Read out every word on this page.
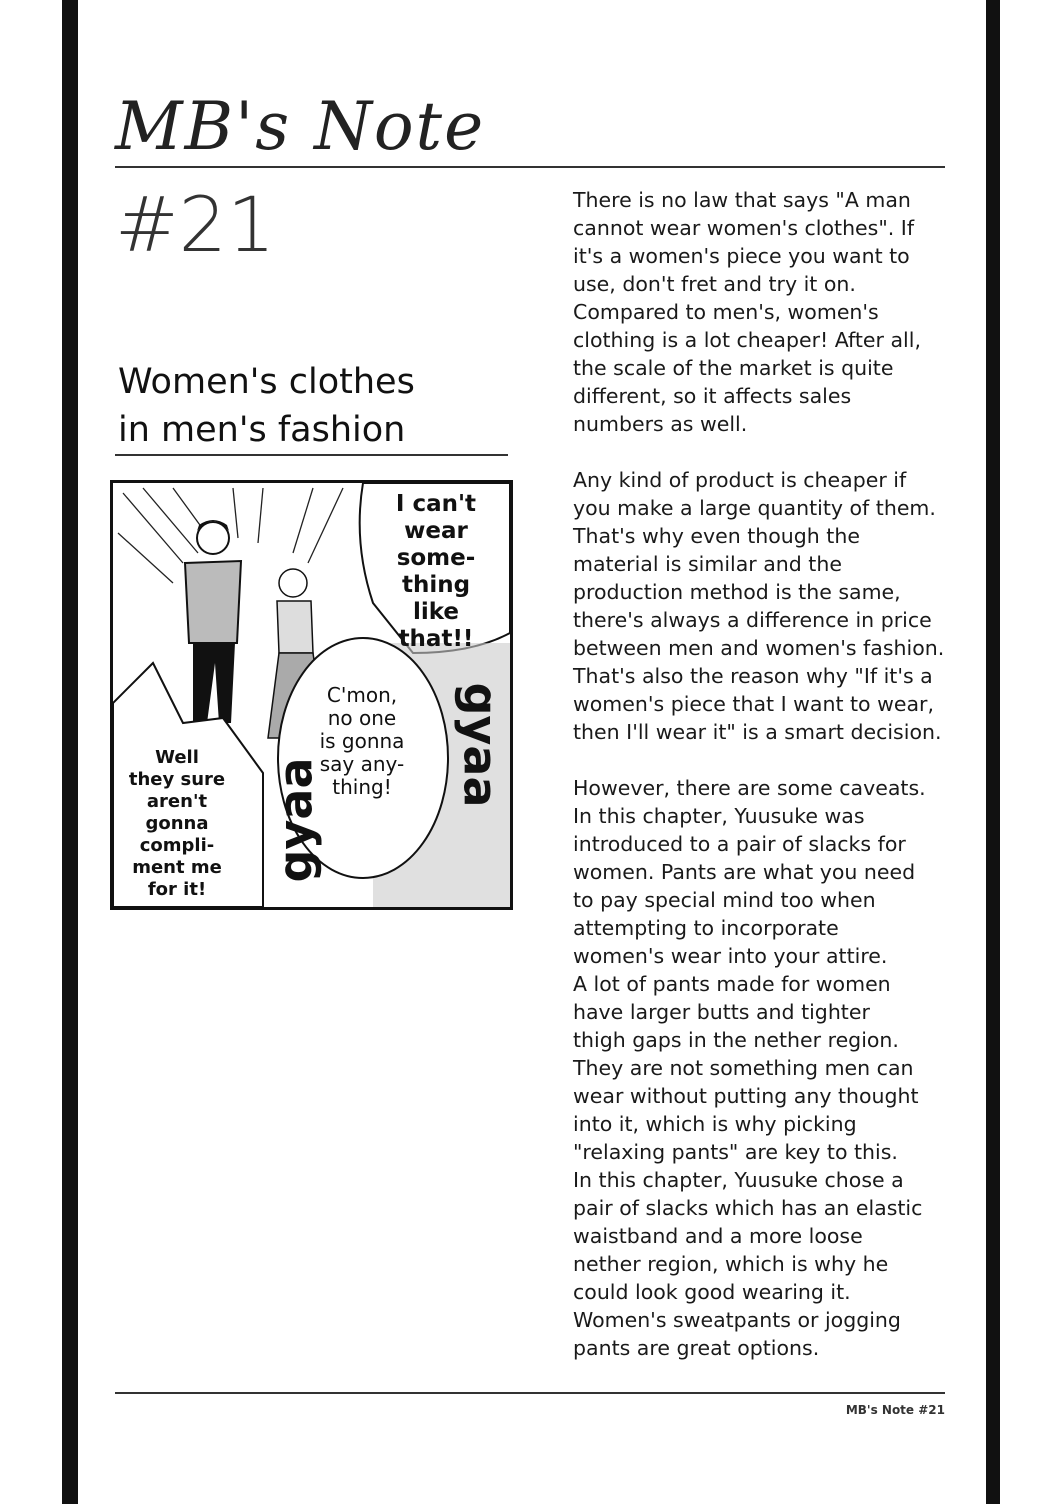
MB's Note
#21
Women's clothes
in men's fashion
I can't
wear
some-
thing
like
that!!
C'mon,
no one
is gonna
say any-
thing!
Well
they sure
aren't
gonna
compli-
ment me
for it!
gyaa
gyaa

There is no law that says "A man
cannot wear women's clothes". If
it's a women's piece you want to
use, don't fret and try it on.
Compared to men's, women's
clothing is a lot cheaper! After all,
the scale of the market is quite
different, so it affects sales
numbers as well.

Any kind of product is cheaper if
you make a large quantity of them.
That's why even though the
material is similar and the
production method is the same,
there's always a difference in price
between men and women's fashion.
That's also the reason why "If it's a
women's piece that I want to wear,
then I'll wear it" is a smart decision.

However, there are some caveats.
In this chapter, Yuusuke was
introduced to a pair of slacks for
women. Pants are what you need
to pay special mind too when
attempting to incorporate
women's wear into your attire.
A lot of pants made for women
have larger butts and tighter
thigh gaps in the nether region.
They are not something men can
wear without putting any thought
into it, which is why picking
"relaxing pants" are key to this.
In this chapter, Yuusuke chose a
pair of slacks which has an elastic
waistband and a more loose
nether region, which is why he
could look good wearing it.
Women's sweatpants or jogging
pants are great options.

MB's Note #21
